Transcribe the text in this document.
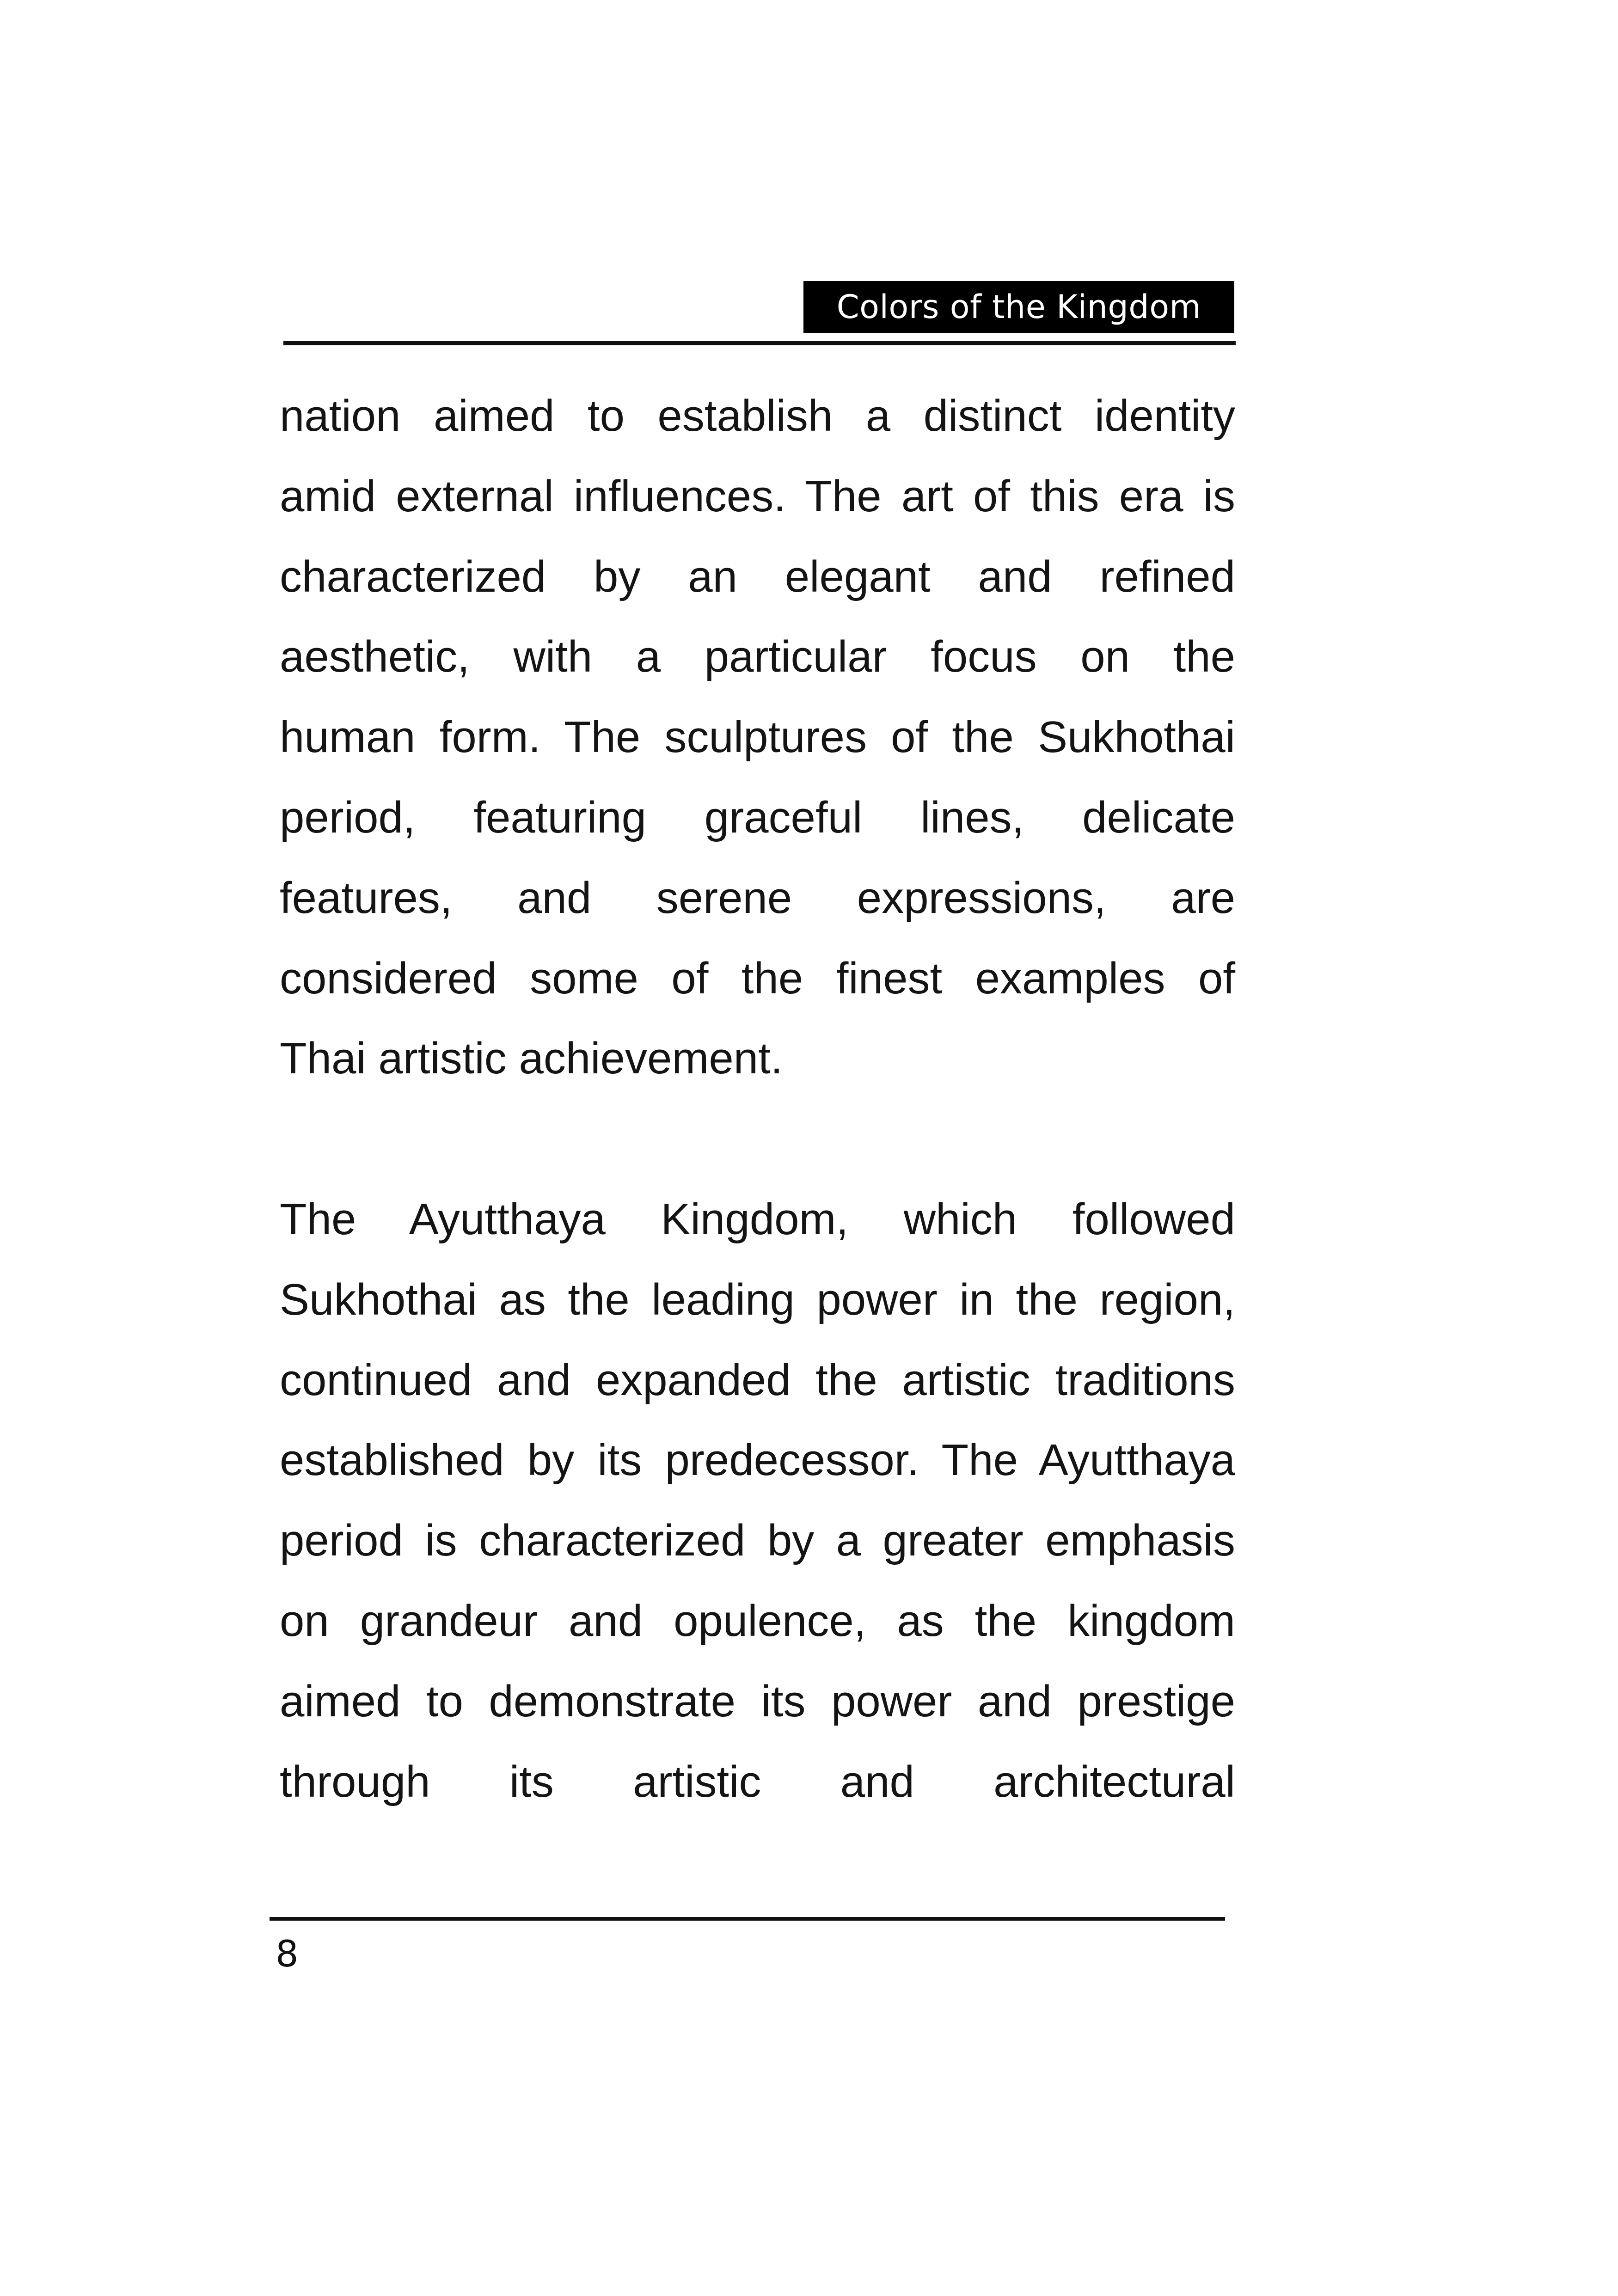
Colors of the Kingdom
nation aimed to establish a distinct identity
amid external influences. The art of this era is
characterized by an elegant and refined
aesthetic, with a particular focus on the
human form. The sculptures of the Sukhothai
period, featuring graceful lines, delicate
features, and serene expressions, are
considered some of the finest examples of
Thai artistic achievement.
The Ayutthaya Kingdom, which followed
Sukhothai as the leading power in the region,
continued and expanded the artistic traditions
established by its predecessor. The Ayutthaya
period is characterized by a greater emphasis
on grandeur and opulence, as the kingdom
aimed to demonstrate its power and prestige
through its artistic and architectural
8
